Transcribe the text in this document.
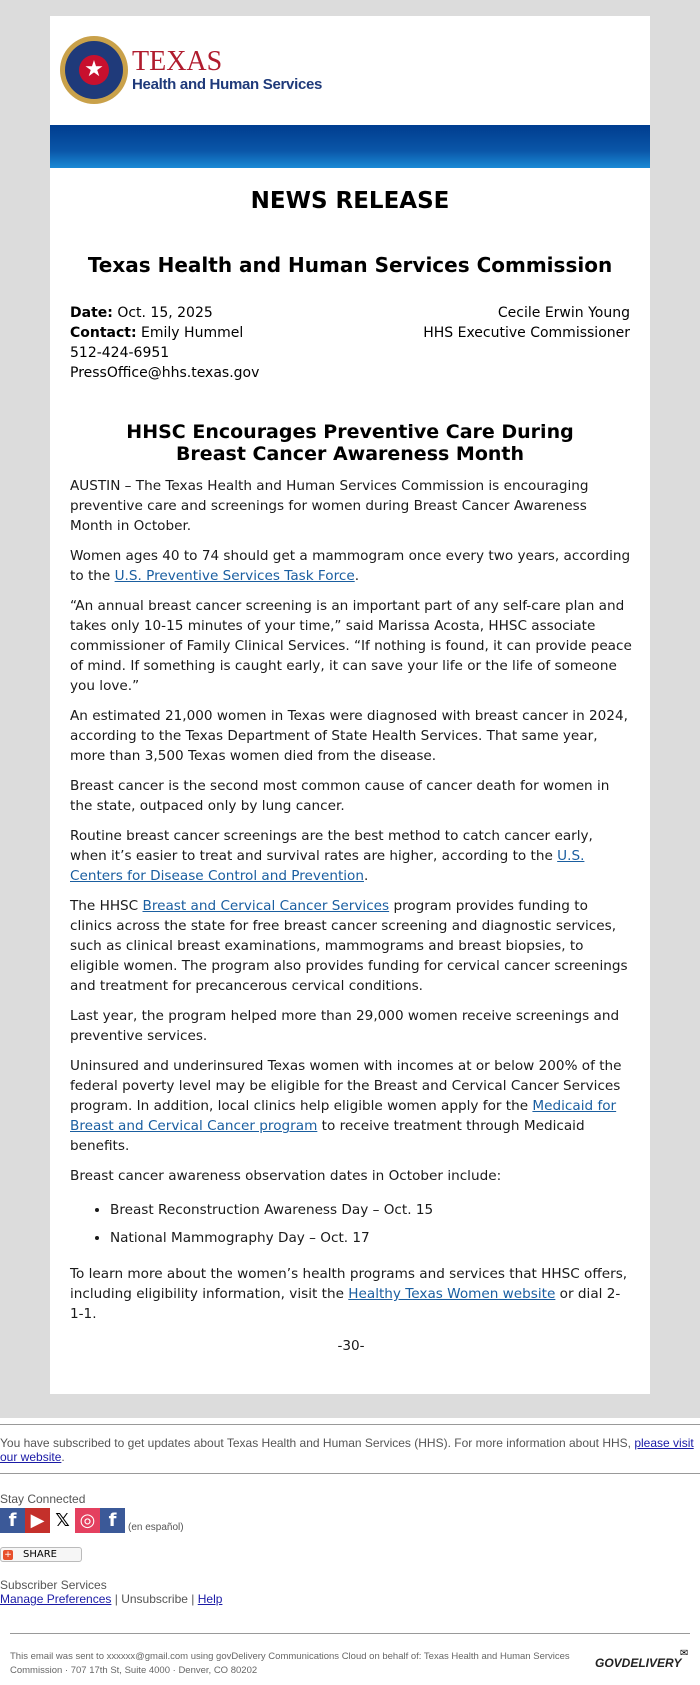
★ TEXAS
Health and Human Services
NEWS RELEASE
Texas Health and Human Services Commission
Date: Oct. 15, 2025
Contact: Emily Hummel
512-424-6951
PressOffice@hhs.texas.gov
Cecile Erwin Young
HHS Executive Commissioner
HHSC Encourages Preventive Care During
Breast Cancer Awareness Month

AUSTIN – The Texas Health and Human Services Commission is encouraging preventive care and screenings for women during Breast Cancer Awareness Month in October.

Women ages 40 to 74 should get a mammogram once every two years, according to the U.S. Preventive Services Task Force.

“An annual breast cancer screening is an important part of any self-care plan and takes only 10-15 minutes of your time,” said Marissa Acosta, HHSC associate commissioner of Family Clinical Services. “If nothing is found, it can provide peace of mind. If something is caught early, it can save your life or the life of someone you love.”

An estimated 21,000 women in Texas were diagnosed with breast cancer in 2024, according to the Texas Department of State Health Services. That same year, more than 3,500 Texas women died from the disease.

Breast cancer is the second most common cause of cancer death for women in the state, outpaced only by lung cancer.

Routine breast cancer screenings are the best method to catch cancer early, when it’s easier to treat and survival rates are higher, according to the U.S. Centers for Disease Control and Prevention.

The HHSC Breast and Cervical Cancer Services program provides funding to clinics across the state for free breast cancer screening and diagnostic services, such as clinical breast examinations, mammograms and breast biopsies, to eligible women. The program also provides funding for cervical cancer screenings and treatment for precancerous cervical conditions.

Last year, the program helped more than 29,000 women receive screenings and preventive services.

Uninsured and underinsured Texas women with incomes at or below 200% of the federal poverty level may be eligible for the Breast and Cervical Cancer Services program. In addition, local clinics help eligible women apply for the Medicaid for Breast and Cervical Cancer program to receive treatment through Medicaid benefits.

Breast cancer awareness observation dates in October include:

• Breast Reconstruction Awareness Day – Oct. 15
• National Mammography Day – Oct. 17

To learn more about the women’s health programs and services that HHSC offers, including eligibility information, visit the Healthy Texas Women website or dial 2-1-1.

-30-
You have subscribed to get updates about Texas Health and Human Services (HHS). For more information about HHS, please visit our website.
Stay Connected
f ▶ 𝕏 ◎ f	(en español)
+ SHARE
Subscriber Services
Manage Preferences | Unsubscribe | Help
This email was sent to xxxxxx@gmail.com using govDelivery Communications Cloud on behalf of: Texas Health and Human Services Commission · 707 17th St, Suite 4000 · Denver, CO 80202
GOVDELIVERY
✉
